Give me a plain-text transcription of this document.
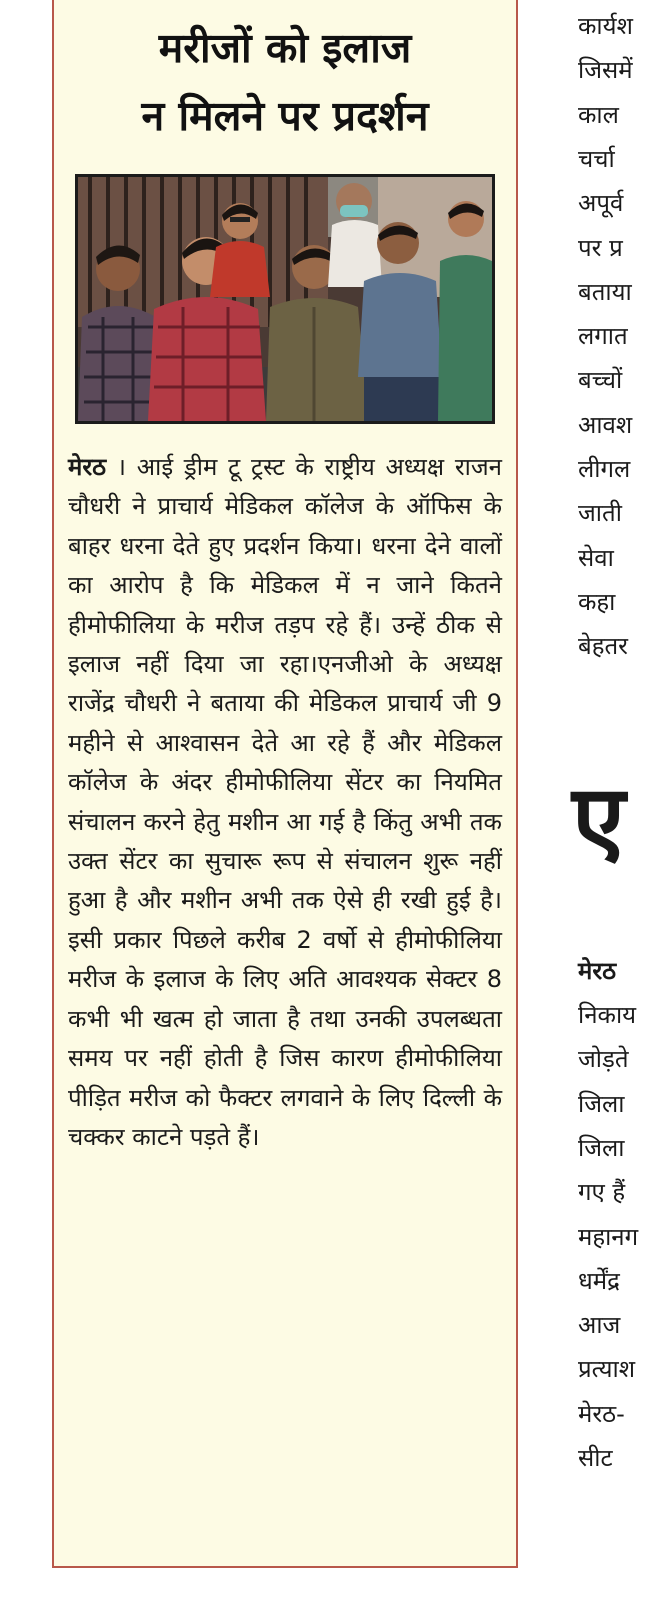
मरीजों को इलाज
न मिलने पर प्रदर्शन
मेरठ । आई ड्रीम टू ट्रस्ट के राष्ट्रीय अध्यक्ष राजन चौधरी ने प्राचार्य मेडिकल कॉलेज के ऑफिस के बाहर धरना देते हुए प्रदर्शन किया। धरना देने वालों का आरोप है कि मेडिकल में न जाने कितने हीमोफीलिया के मरीज तड़प रहे हैं। उन्हें ठीक से इलाज नहीं दिया जा रहा।एनजीओ के अध्यक्ष राजेंद्र चौधरी ने बताया की मेडिकल प्राचार्य जी 9 महीने से आश्वासन देते आ रहे हैं और मेडिकल कॉलेज के अंदर हीमोफीलिया सेंटर का नियमित संचालन करने हेतु मशीन आ गई है किंतु अभी तक उक्त सेंटर का सुचारू रूप से संचालन शुरू नहीं हुआ है और मशीन अभी तक ऐसे ही रखी हुई है। इसी प्रकार पिछले करीब 2 वर्षो से हीमोफीलिया मरीज के इलाज के लिए अति आवश्यक सेक्टर 8 कभी भी खत्म हो जाता है तथा उनकी उपलब्धता समय पर नहीं होती है जिस कारण हीमोफीलिया पीड़ित मरीज को फैक्टर लगवाने के लिए दिल्ली के चक्कर काटने पड़ते हैं।
कार्यश
जिसमें
काल
चर्चा
अपूर्व
पर प्र
बताया
लगात
बच्चों
आवश
लीगल
जाती
सेवा
कहा
बेहतर
ए
मेरठ
निकाय
जोड़ते
जिला
जिला
गए हैं
महानग
धर्मेंद्र
आज
प्रत्याश
मेरठ-
सीट
